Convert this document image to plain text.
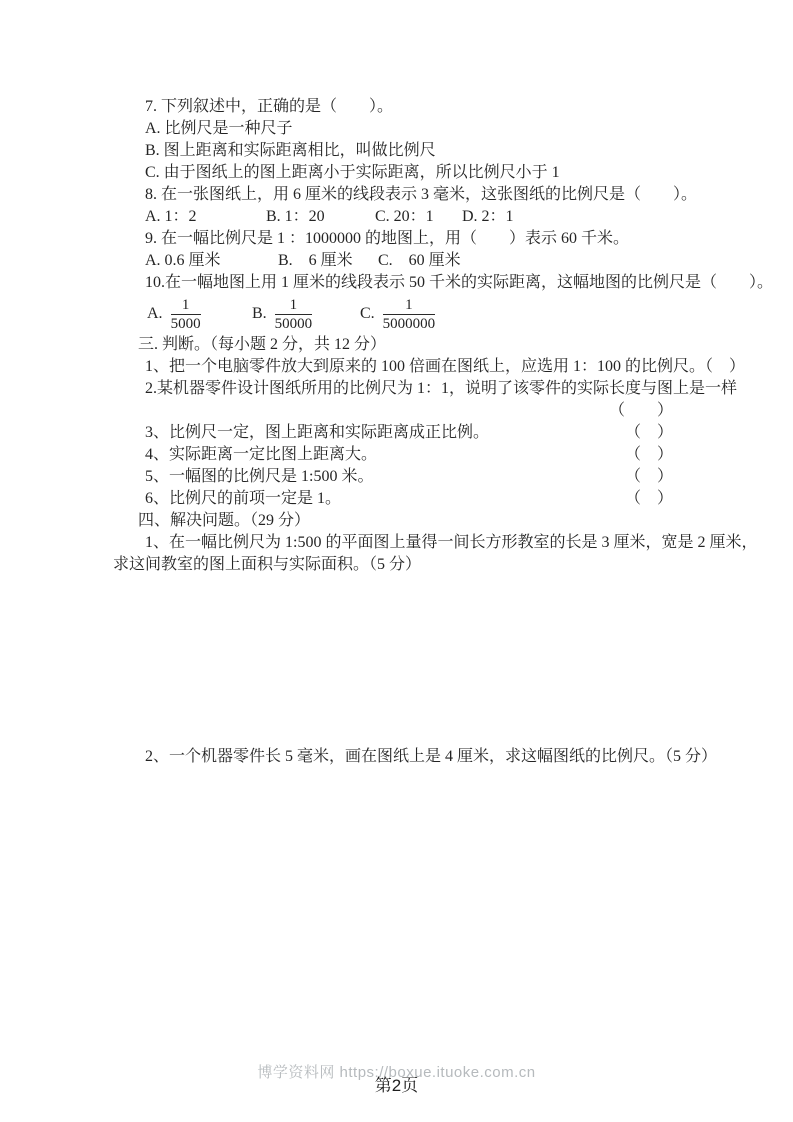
7. 下列叙述中，正确的是（　　）。

A. 比例尺是一种尺子

B. 图上距离和实际距离相比，叫做比例尺

C. 由于图纸上的图上距离小于实际距离，所以比例尺小于 1

8. 在一张图纸上，用 6 厘米的线段表示 3 毫米，这张图纸的比例尺是（　　）。

A. 1：2	B. 1：20	C. 20：1 D. 2：1

9. 在一幅比例尺是 1 ：1000000 的地图上，用（　　）表示 60 千米。

A. 0.6 厘米	B.　6 厘米 C.　60 厘米

10.在一幅地图上用 1 厘米的线段表示 50 千米的实际距离，这幅地图的比例尺是（　　）。

A. $\frac{1}{5000}$	B. $\frac{1}{50000}$	C. $\frac{1}{5000000}$

三. 判断。（每小题 2 分，共 12 分）

1、把一个电脑零件放大到原来的 100 倍画在图纸上，应选用 1：100 的比例尺。（　）

2.某机器零件设计图纸所用的比例尺为 1：1，说明了该零件的实际长度与图上是一样

（　　）

3、比例尺一定，图上距离和实际距离成正比例。	（　）
4、实际距离一定比图上距离大。	（　）
5、一幅图的比例尺是 1:500 米。	（　）
6、比例尺的前项一定是 1。	（　）

四、解决问题。（29 分）

1、在一幅比例尺为 1:500 的平面图上量得一间长方形教室的长是 3 厘米，宽是 2 厘米，

求这间教室的图上面积与实际面积。（5 分）

2、一个机器零件长 5 毫米，画在图纸上是 4 厘米，求这幅图纸的比例尺。（5 分）

博学资料网 https://boxue.ituoke.com.cn
第2页
